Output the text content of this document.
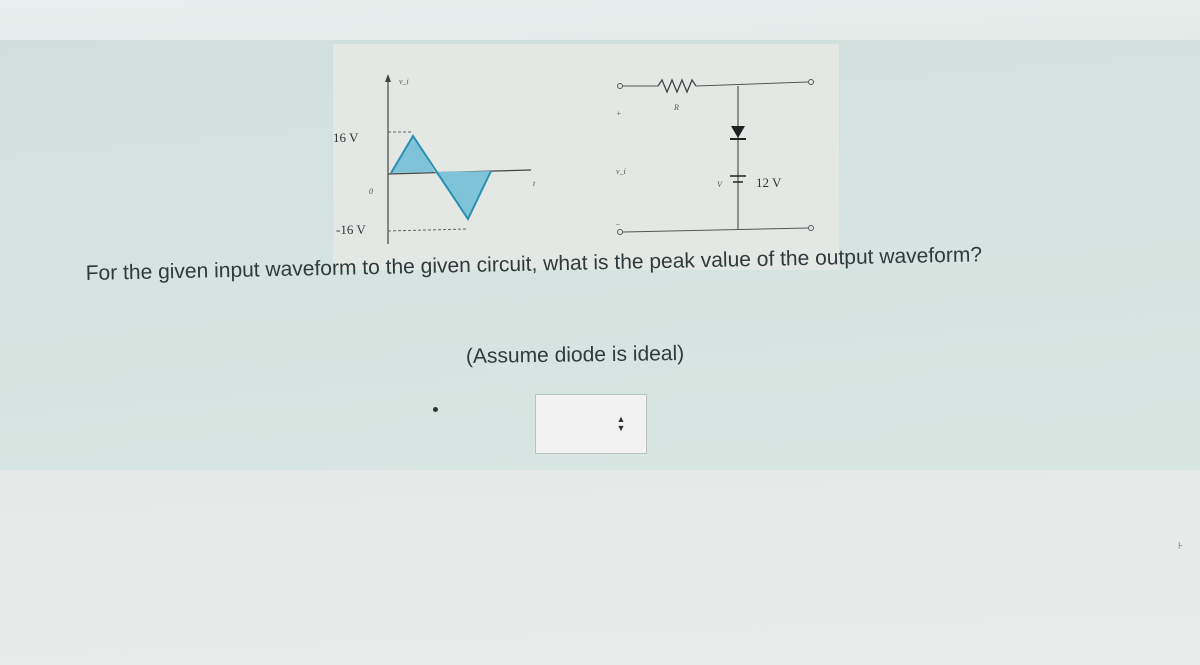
v_i
16 V
0
-16 V
t
+
v_i
–
R
V	12 V
For the given input waveform to the given circuit, what is the peak value of the output waveform?
(Assume diode is ideal)
▲
▼
⊦
